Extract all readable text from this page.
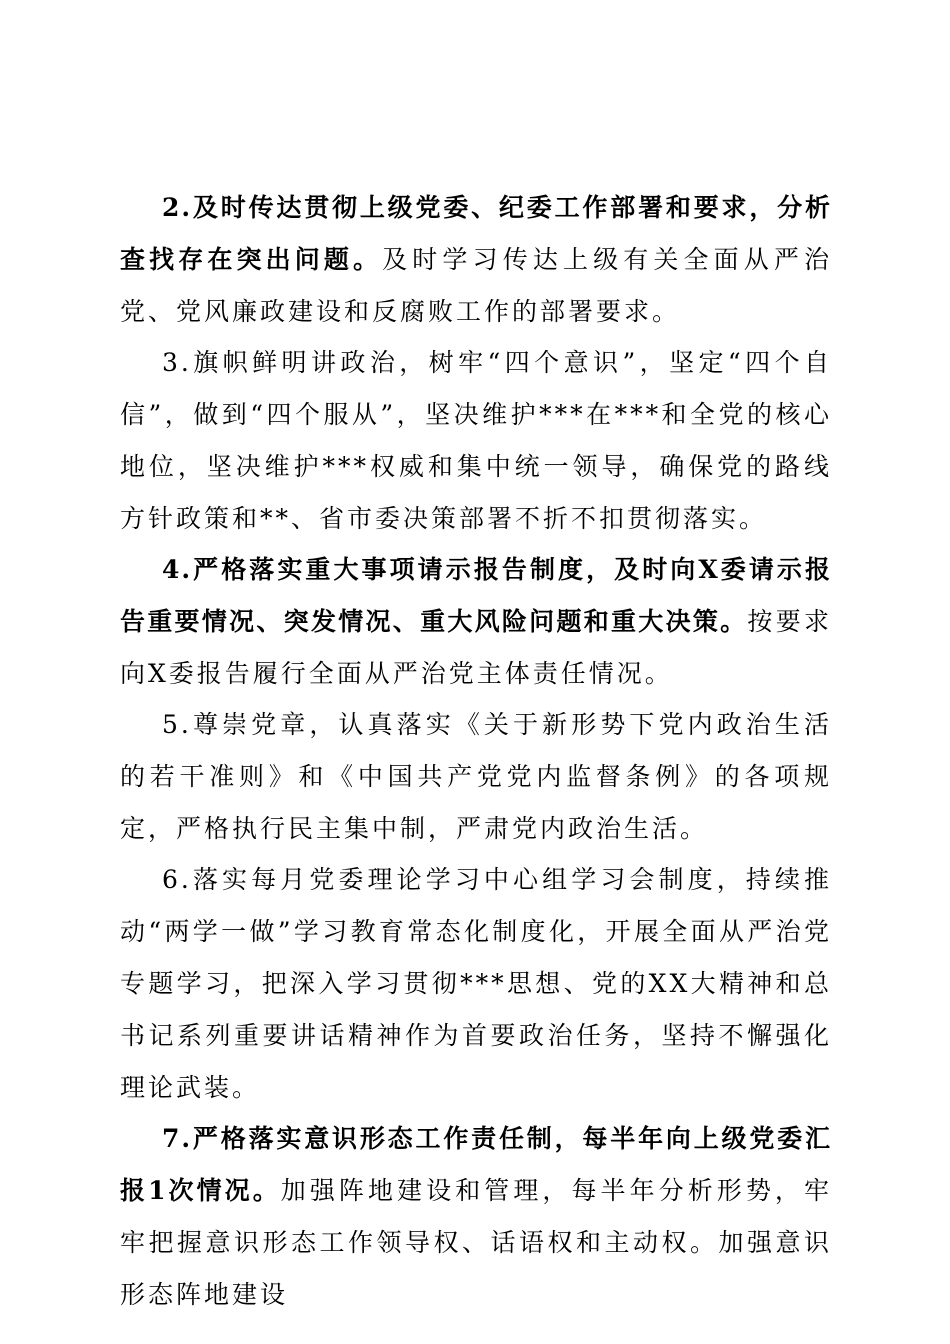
2.及时传达贯彻上级党委、纪委工作部署和要求，分析查找存在突出问题。及时学习传达上级有关全面从严治党、党风廉政建设和反腐败工作的部署要求。

3.旗帜鲜明讲政治，树牢“四个意识”，坚定“四个自信”，做到“四个服从”，坚决维护***在***和全党的核心地位，坚决维护***权威和集中统一领导，确保党的路线方针政策和**、省市委决策部署不折不扣贯彻落实。

4.严格落实重大事项请示报告制度，及时向X委请示报告重要情况、突发情况、重大风险问题和重大决策。按要求向X委报告履行全面从严治党主体责任情况。

5.尊崇党章，认真落实《关于新形势下党内政治生活的若干准则》和《中国共产党党内监督条例》的各项规定，严格执行民主集中制，严肃党内政治生活。

6.落实每月党委理论学习中心组学习会制度，持续推动“两学一做”学习教育常态化制度化，开展全面从严治党专题学习，把深入学习贯彻***思想、党的XX大精神和总书记系列重要讲话精神作为首要政治任务，坚持不懈强化理论武装。

7.严格落实意识形态工作责任制，每半年向上级党委汇报1次情况。加强阵地建设和管理，每半年分析形势，牢牢把握意识形态工作领导权、话语权和主动权。加强意识形态阵地建设
